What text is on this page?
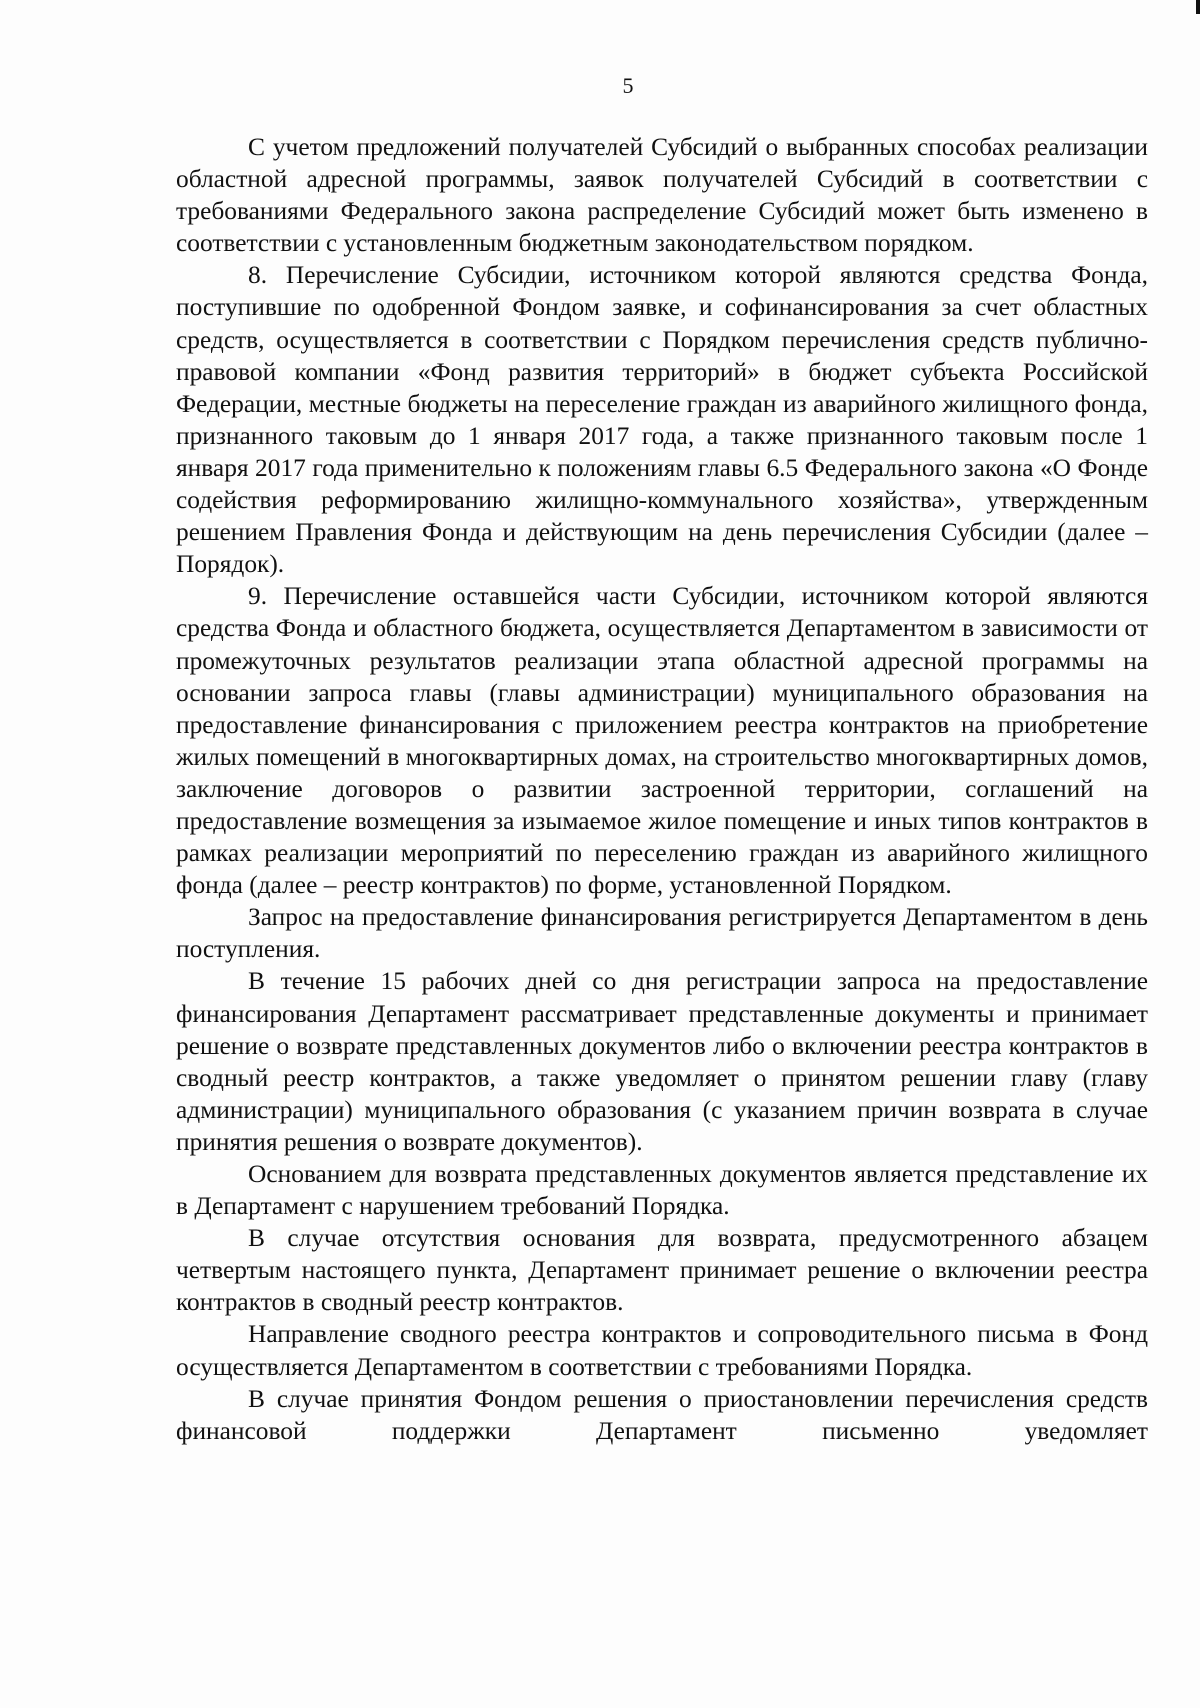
5

С учетом предложений получателей Субсидий о выбранных способах реализации областной адресной программы, заявок получателей Субсидий в соответствии с требованиями Федерального закона распределение Субсидий может быть изменено в соответствии с установленным бюджетным законодательством порядком.

8. Перечисление Субсидии, источником которой являются средства Фонда, поступившие по одобренной Фондом заявке, и софинансирования за счет областных средств, осуществляется в соответствии с Порядком перечисления средств публично-правовой компании «Фонд развития территорий» в бюджет субъекта Российской Федерации, местные бюджеты на переселение граждан из аварийного жилищного фонда, признанного таковым до 1 января 2017 года, а также признанного таковым после 1 января 2017 года применительно к положениям главы 6.5 Федерального закона «О Фонде содействия реформированию жилищно-коммунального хозяйства», утвержденным решением Правления Фонда и действующим на день перечисления Субсидии (далее – Порядок).

9. Перечисление оставшейся части Субсидии, источником которой являются средства Фонда и областного бюджета, осуществляется Департаментом в зависимости от промежуточных результатов реализации этапа областной адресной программы на основании запроса главы (главы администрации) муниципального образования на предоставление финансирования с приложением реестра контрактов на приобретение жилых помещений в многоквартирных домах, на строительство многоквартирных домов, заключение договоров о развитии застроенной территории, соглашений на предоставление возмещения за изымаемое жилое помещение и иных типов контрактов в рамках реализации мероприятий по переселению граждан из аварийного жилищного фонда (далее – реестр контрактов) по форме, установленной Порядком.

Запрос на предоставление финансирования регистрируется Департаментом в день поступления.

В течение 15 рабочих дней со дня регистрации запроса на предоставление финансирования Департамент рассматривает представленные документы и принимает решение о возврате представленных документов либо о включении реестра контрактов в сводный реестр контрактов, а также уведомляет о принятом решении главу (главу администрации) муниципального образования (с указанием причин возврата в случае принятия решения о возврате документов).

Основанием для возврата представленных документов является представление их в Департамент с нарушением требований Порядка.

В случае отсутствия основания для возврата, предусмотренного абзацем четвертым настоящего пункта, Департамент принимает решение о включении реестра контрактов в сводный реестр контрактов.

Направление сводного реестра контрактов и сопроводительного письма в Фонд осуществляется Департаментом в соответствии с требованиями Порядка.

В случае принятия Фондом решения о приостановлении перечисления средств финансовой поддержки Департамент письменно уведомляет
